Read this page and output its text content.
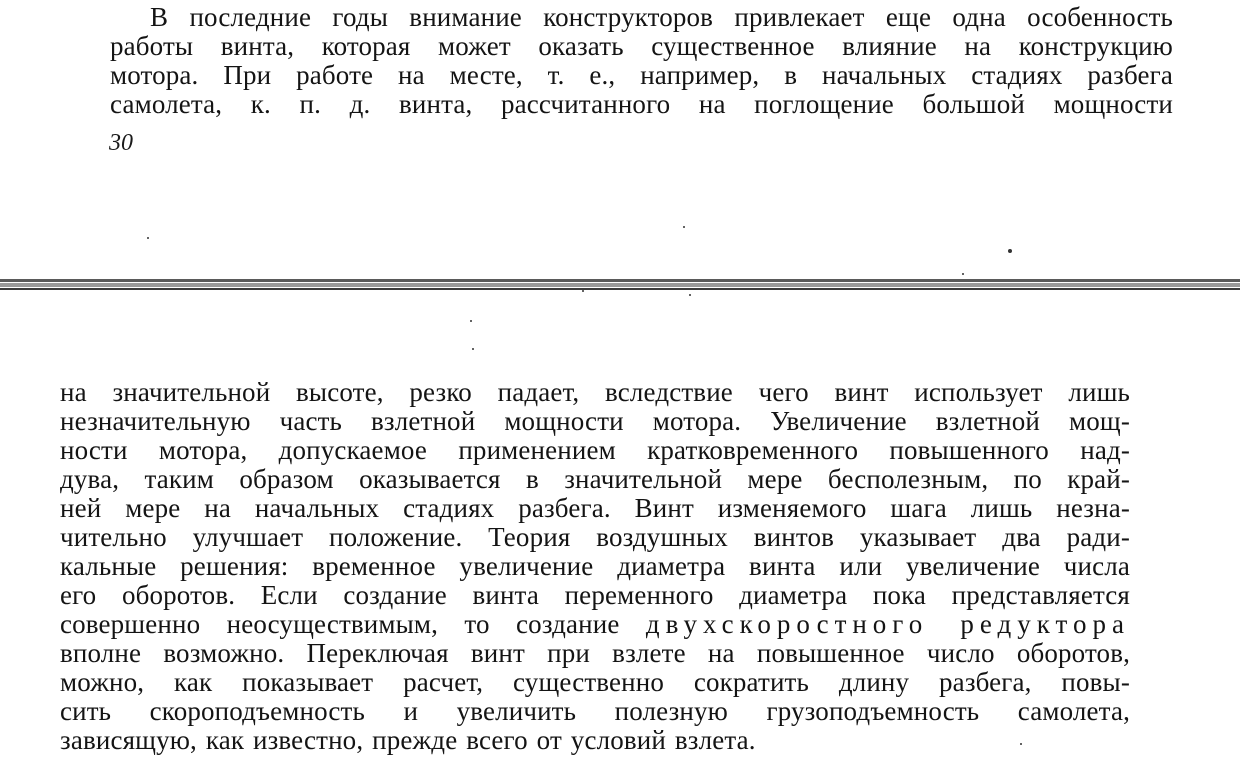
В последние годы внимание конструкторов привлекает еще одна особенность
работы винта, которая может оказать существенное влияние на конструкцию
мотора. При работе на месте, т. е., например, в начальных стадиях разбега
самолета, к. п. д. винта, рассчитанного на поглощение большой мощности
30
на значительной высоте, резко падает, вследствие чего винт использует лишь
незначительную часть взлетной мощности мотора. Увеличение взлетной мощ-
ности мотора, допускаемое применением кратковременного повышенного над-
дува, таким образом оказывается в значительной мере бесполезным, по край-
ней мере на начальных стадиях разбега. Винт изменяемого шага лишь незна-
чительно улучшает положение. Теория воздушных винтов указывает два ради-
кальные решения: временное увеличение диаметра винта или увеличение числа
его оборотов. Если создание винта переменного диаметра пока представляется
совершенно неосуществимым, то создание двухскоростного редуктора
вполне возможно. Переключая винт при взлете на повышенное число оборотов,
можно, как показывает расчет, существенно сократить длину разбега, повы-
сить скороподъемность и увеличить полезную грузоподъемность самолета,
зависящую, как известно, прежде всего от условий взлета.
